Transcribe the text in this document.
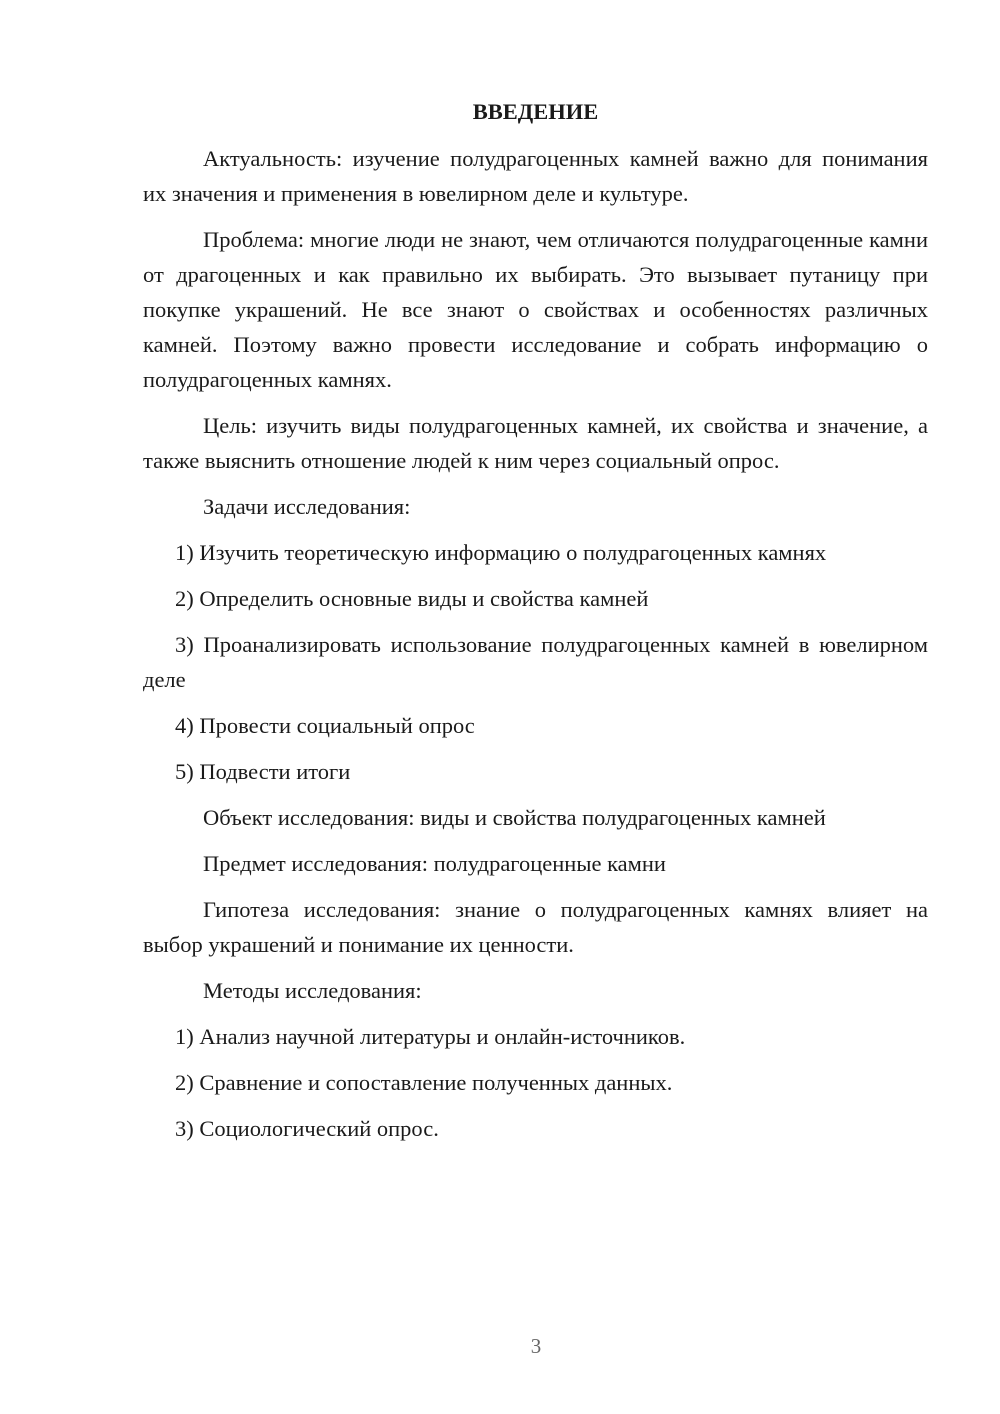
ВВЕДЕНИЕ
Актуальность: изучение полудрагоценных камней важно для понимания их значения и применения в ювелирном деле и культуре.
Проблема: многие люди не знают, чем отличаются полудрагоценные камни от драгоценных и как правильно их выбирать. Это вызывает путаницу при покупке украшений. Не все знают о свойствах и особенностях различных камней. Поэтому важно провести исследование и собрать информацию о полудрагоценных камнях.
Цель: изучить виды полудрагоценных камней, их свойства и значение, а также выяснить отношение людей к ним через социальный опрос.
Задачи исследования:
1) Изучить теоретическую информацию о полудрагоценных камнях
2) Определить основные виды и свойства камней
3) Проанализировать использование полудрагоценных камней в ювелирном деле
4) Провести социальный опрос
5) Подвести итоги
Объект исследования: виды и свойства полудрагоценных камней
Предмет исследования: полудрагоценные камни
Гипотеза исследования: знание о полудрагоценных камнях влияет на выбор украшений и понимание их ценности.
Методы исследования:
1) Анализ научной литературы и онлайн-источников.
2) Сравнение и сопоставление полученных данных.
3) Социологический опрос.
3
